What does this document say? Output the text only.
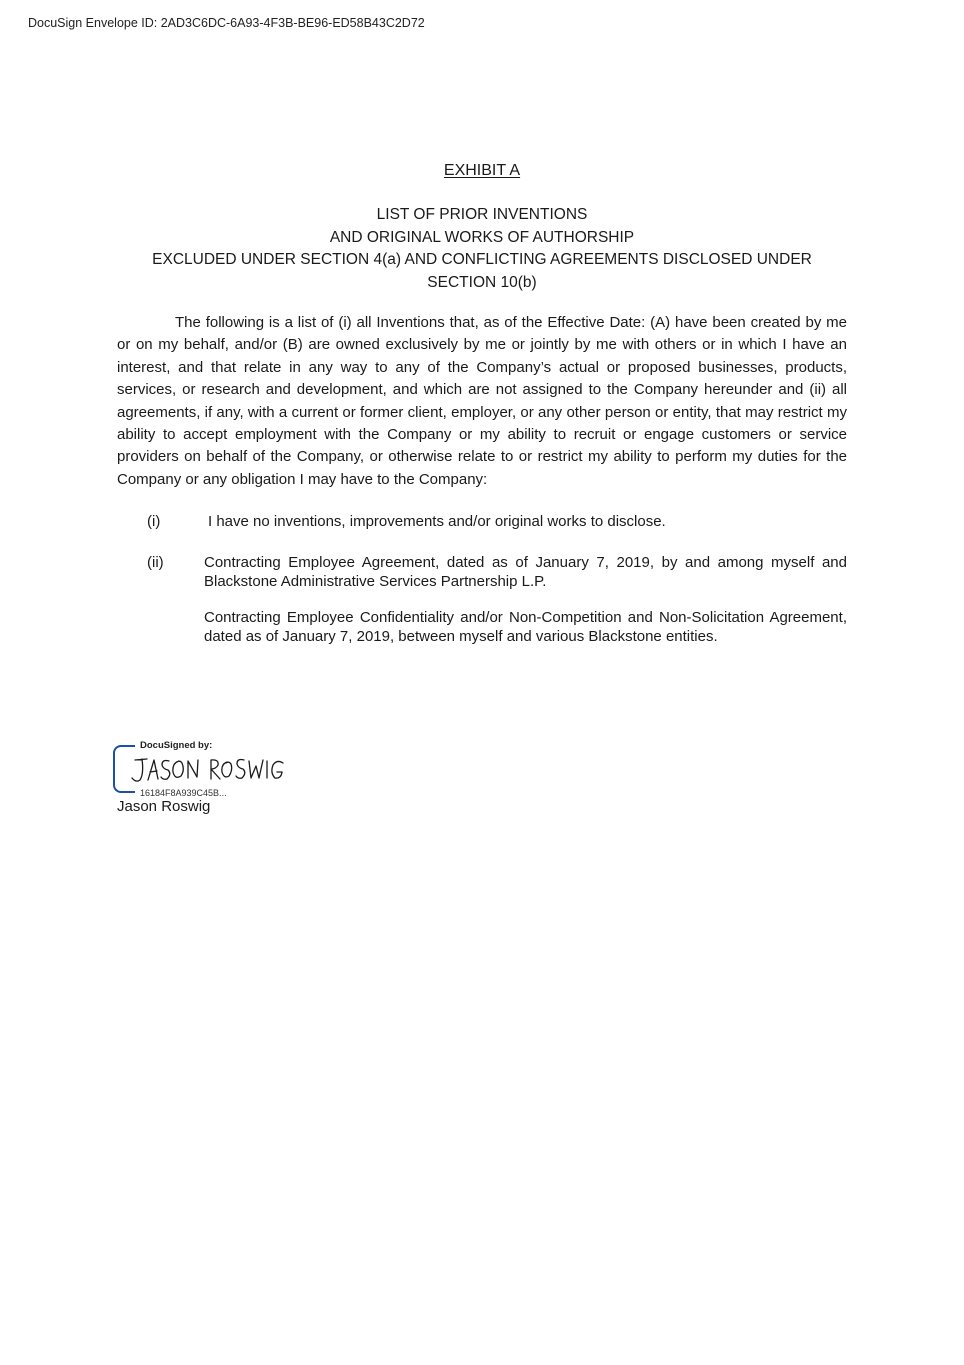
DocuSign Envelope ID: 2AD3C6DC-6A93-4F3B-BE96-ED58B43C2D72
EXHIBIT A
LIST OF PRIOR INVENTIONS
AND ORIGINAL WORKS OF AUTHORSHIP
EXCLUDED UNDER SECTION 4(a) AND CONFLICTING AGREEMENTS DISCLOSED UNDER
SECTION 10(b)
The following is a list of (i) all Inventions that, as of the Effective Date: (A) have been created by me or on my behalf, and/or (B) are owned exclusively by me or jointly by me with others or in which I have an interest, and that relate in any way to any of the Company’s actual or proposed businesses, products, services, or research and development, and which are not assigned to the Company hereunder and (ii) all agreements, if any, with a current or former client, employer, or any other person or entity, that may restrict my ability to accept employment with the Company or my ability to recruit or engage customers or service providers on behalf of the Company, or otherwise relate to or restrict my ability to perform my duties for the Company or any obligation I may have to the Company:
(i)	I have no inventions, improvements and/or original works to disclose.
(ii)	Contracting Employee Agreement, dated as of January 7, 2019, by and among myself and Blackstone Administrative Services Partnership L.P.
Contracting Employee Confidentiality and/or Non-Competition and Non-Solicitation Agreement, dated as of January 7, 2019, between myself and various Blackstone entities.
DocuSigned by:
16184F8A939C45B...
Jason Roswig
